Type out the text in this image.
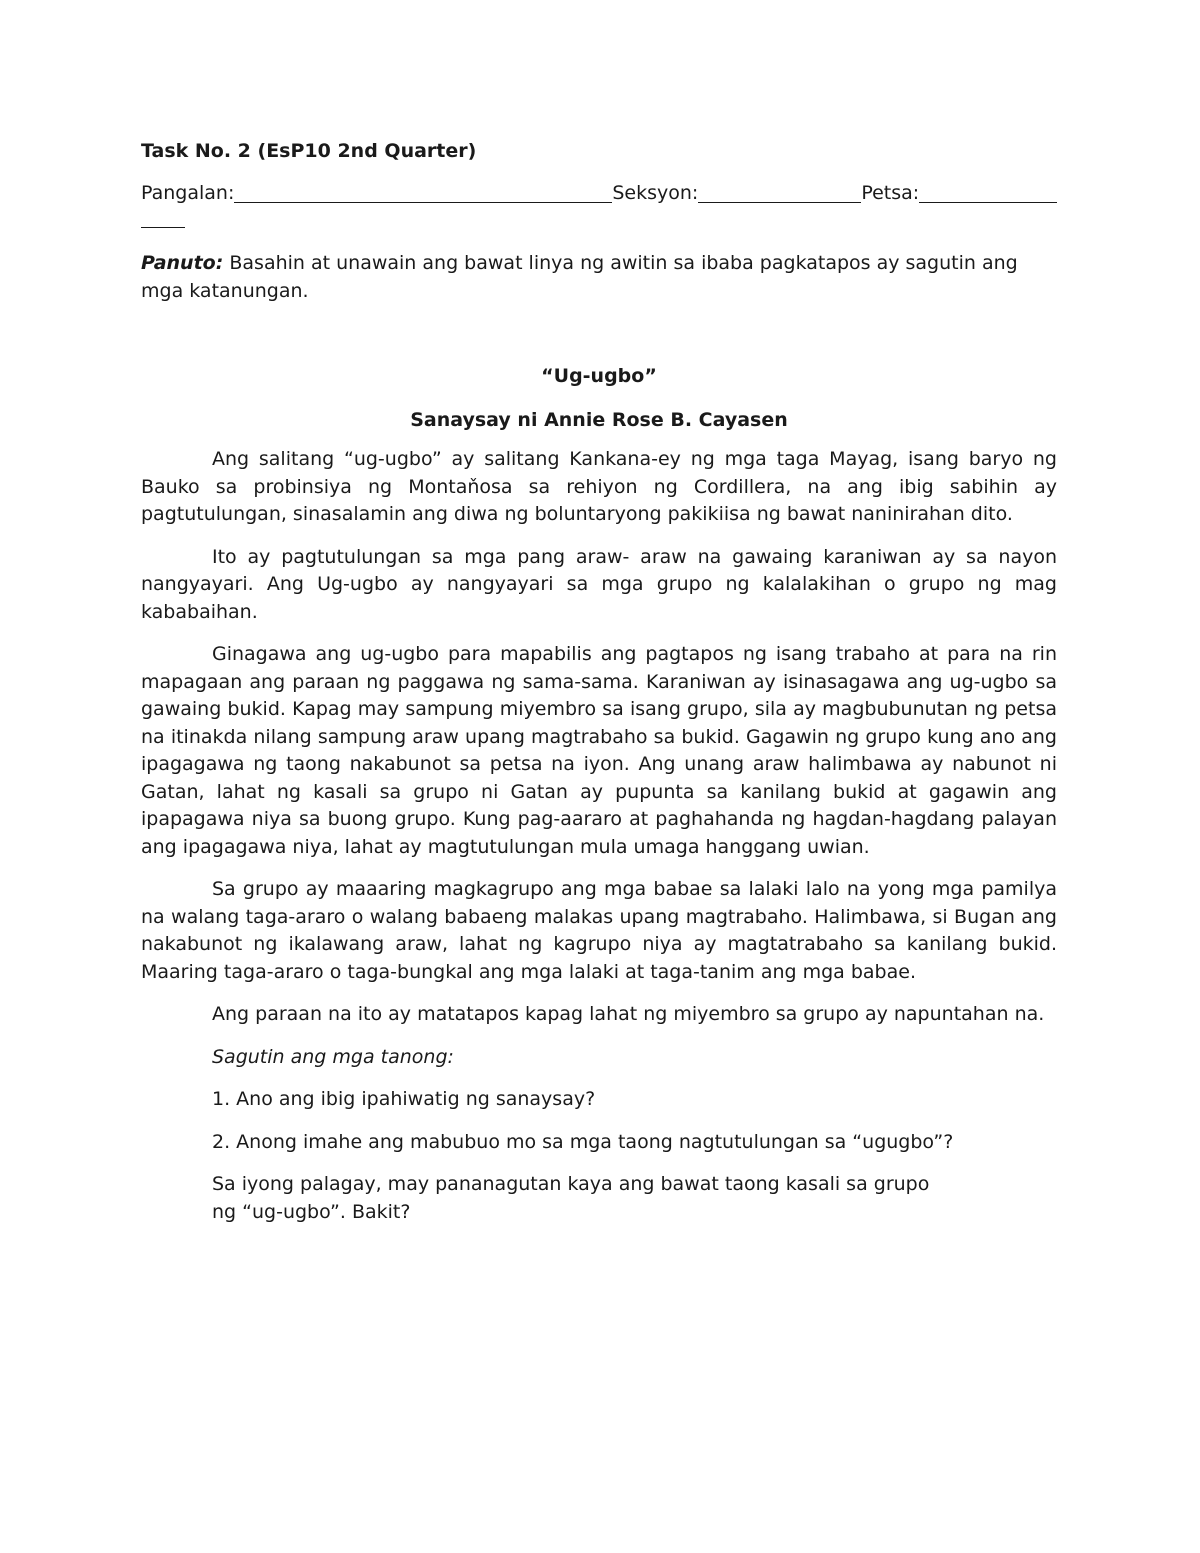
Task No. 2 (EsP10 2nd Quarter)

Pangalan:	Seksyon:	Petsa:

Panuto: Basahin at unawain ang bawat linya ng awitin sa ibaba pagkatapos ay sagutin ang mga katanungan.

“Ug-ugbo”

Sanaysay ni Annie Rose B. Cayasen

Ang salitang “ug-ugbo” ay salitang Kankana-ey ng mga taga Mayag, isang baryo ng Bauko sa probinsiya ng Montaňosa sa rehiyon ng Cordillera, na ang ibig sabihin ay pagtutulungan, sinasalamin ang diwa ng boluntaryong pakikiisa ng bawat naninirahan dito.

Ito ay pagtutulungan sa mga pang araw- araw na gawaing karaniwan ay sa nayon nangyayari. Ang Ug-ugbo ay nangyayari sa mga grupo ng kalalakihan o grupo ng mag kababaihan.

Ginagawa ang ug-ugbo para mapabilis ang pagtapos ng isang trabaho at para na rin mapagaan ang paraan ng paggawa ng sama-sama. Karaniwan ay isinasagawa ang ug-ugbo sa gawaing bukid. Kapag may sampung miyembro sa isang grupo, sila ay magbubunutan ng petsa na itinakda nilang sampung araw upang magtrabaho sa bukid. Gagawin ng grupo kung ano ang ipagagawa ng taong nakabunot sa petsa na iyon. Ang unang araw halimbawa ay nabunot ni Gatan, lahat ng kasali sa grupo ni Gatan ay pupunta sa kanilang bukid at gagawin ang ipapagawa niya sa buong grupo. Kung pag-aararo at paghahanda ng hagdan-hagdang palayan ang ipagagawa niya, lahat ay magtutulungan mula umaga hanggang uwian.

Sa grupo ay maaaring magkagrupo ang mga babae sa lalaki lalo na yong mga pamilya na walang taga-araro o walang babaeng malakas upang magtrabaho. Halimbawa, si Bugan ang nakabunot ng ikalawang araw, lahat ng kagrupo niya ay magtatrabaho sa kanilang bukid. Maaring taga-araro o taga-bungkal ang mga lalaki at taga-tanim ang mga babae.

Ang paraan na ito ay matatapos kapag lahat ng miyembro sa grupo ay napuntahan na.

Sagutin ang mga tanong:

1. Ano ang ibig ipahiwatig ng sanaysay?

2. Anong imahe ang mabubuo mo sa mga taong nagtutulungan sa “ugugbo”?

Sa iyong palagay, may pananagutan kaya ang bawat taong kasali sa grupo
ng “ug-ugbo”. Bakit?
